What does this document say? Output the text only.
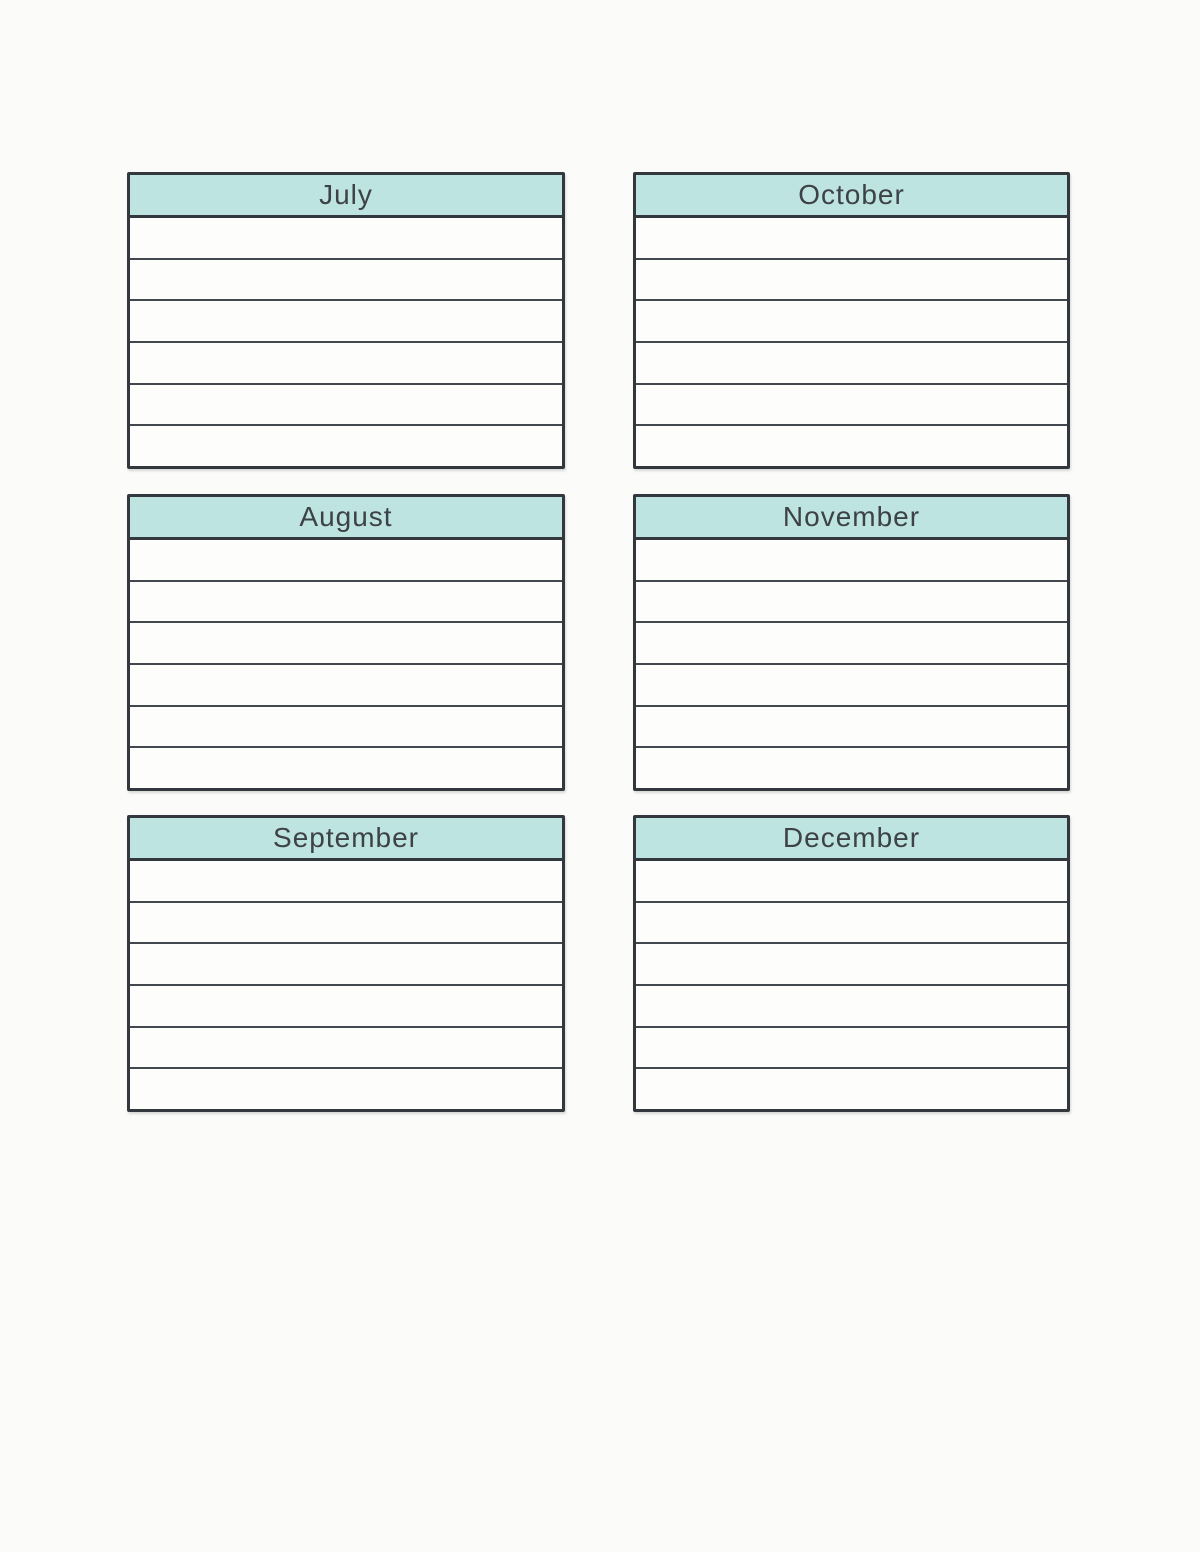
July	October
August	November
September	December
